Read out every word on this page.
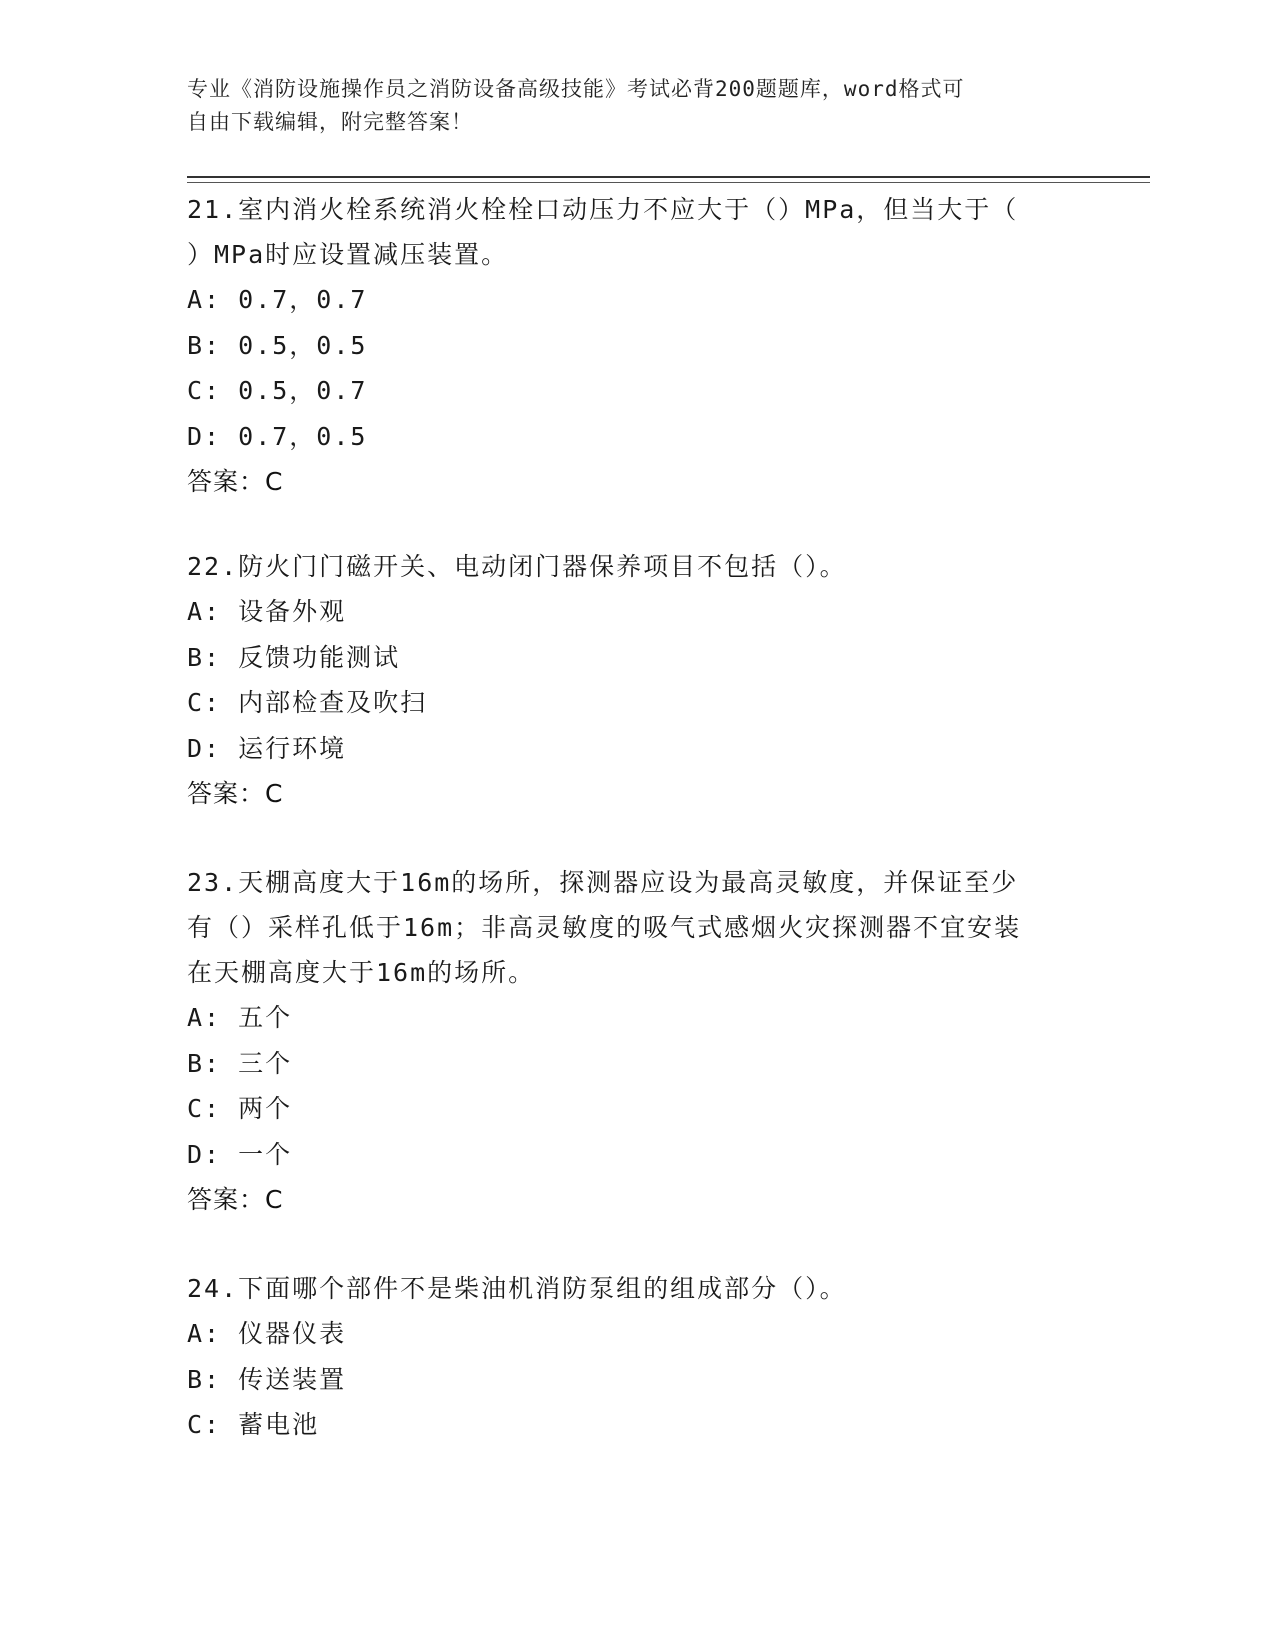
专业《消防设施操作员之消防设备高级技能》考试必背200题题库，word格式可
自由下载编辑，附完整答案！

21.室内消火栓系统消火栓栓口动压力不应大于（）MPa，但当大于（

）MPa时应设置减压装置。

A: 0.7，0.7

B: 0.5，0.5

C: 0.5，0.7

D: 0.7，0.5

答案：C

22.防火门门磁开关、电动闭门器保养项目不包括（）。

A: 设备外观

B: 反馈功能测试

C: 内部检查及吹扫

D: 运行环境

答案：C

23.天棚高度大于16m的场所，探测器应设为最高灵敏度，并保证至少

有（）采样孔低于16m；非高灵敏度的吸气式感烟火灾探测器不宜安装

在天棚高度大于16m的场所。

A: 五个

B: 三个

C: 两个

D: 一个

答案：C

24.下面哪个部件不是柴油机消防泵组的组成部分（）。

A: 仪器仪表

B: 传送装置

C: 蓄电池
